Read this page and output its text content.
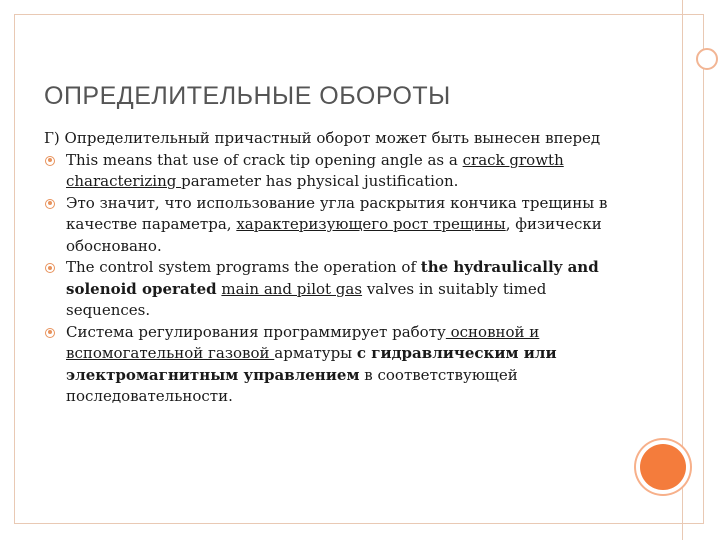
ОПРЕДЕЛИТЕЛЬНЫЕ ОБОРОТЫ
Г) Определительный причастный оборот может быть вынесен вперед
This means that use of crack tip opening angle as a crack growth characterizing parameter has physical justification.
Это значит, что использование угла раскрытия кончика трещины в качестве параметра, характеризующего рост трещины, физически обосновано.
The control system programs the operation of the hydraulically and solenoid operated main and pilot gas valves in suitably timed sequences.
Система регулирования программирует работу основной и вспомогательной газовой арматуры с гидравлическим или электромагнитным управлением в соответствующей последовательности.
